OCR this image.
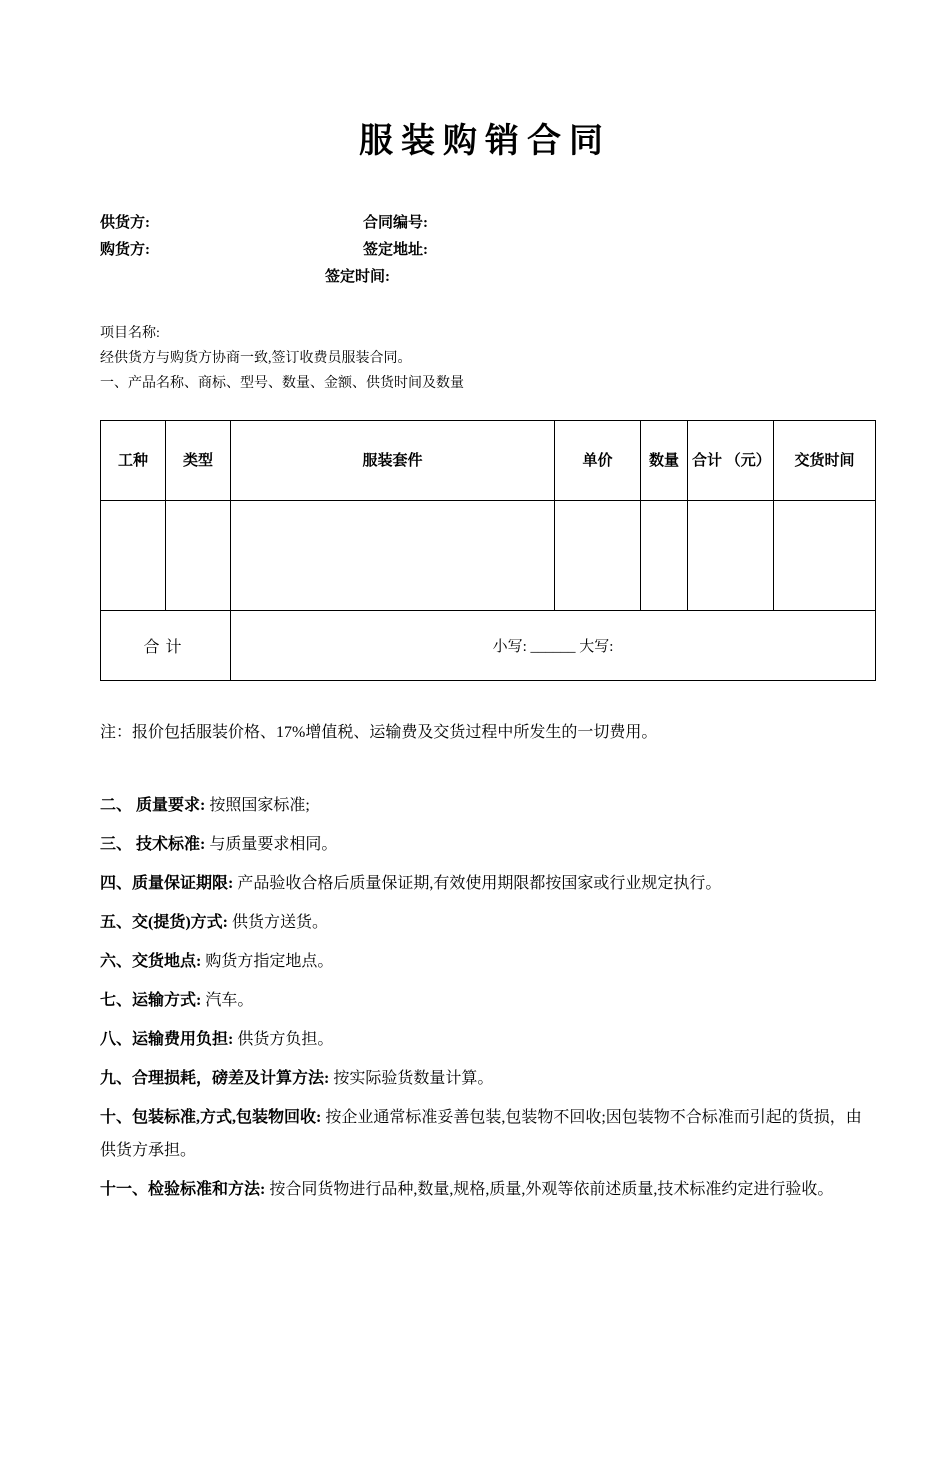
服装购销合同
供货方:	合同编号:
购货方:	签定地址:
签定时间:

项目名称:

经供货方与购货方协商一致,签订收费员服装合同。

一、产品名称、商标、型号、数量、金额、供货时间及数量

工种	类型	服装套件	单价	数量	合计 （元）	交货时间

合计		小写: ______ 大写:				

注：报价包括服装价格、17%增值税、运输费及交货过程中所发生的一切费用。

二、 质量要求: 按照国家标准;

三、 技术标准: 与质量要求相同。

四、质量保证期限: 产品验收合格后质量保证期,有效使用期限都按国家或行业规定执行。

五、交(提货)方式: 供货方送货。

六、交货地点: 购货方指定地点。

七、运输方式: 汽车。

八、运输费用负担: 供货方负担。

九、合理损耗，磅差及计算方法: 按实际验货数量计算。

十、包装标准,方式,包装物回收: 按企业通常标准妥善包装,包装物不回收;因包装物不合标准而引起的货损，由供货方承担。

十一、检验标准和方法: 按合同货物进行品种,数量,规格,质量,外观等依前述质量,技术标准约定进行验收。
